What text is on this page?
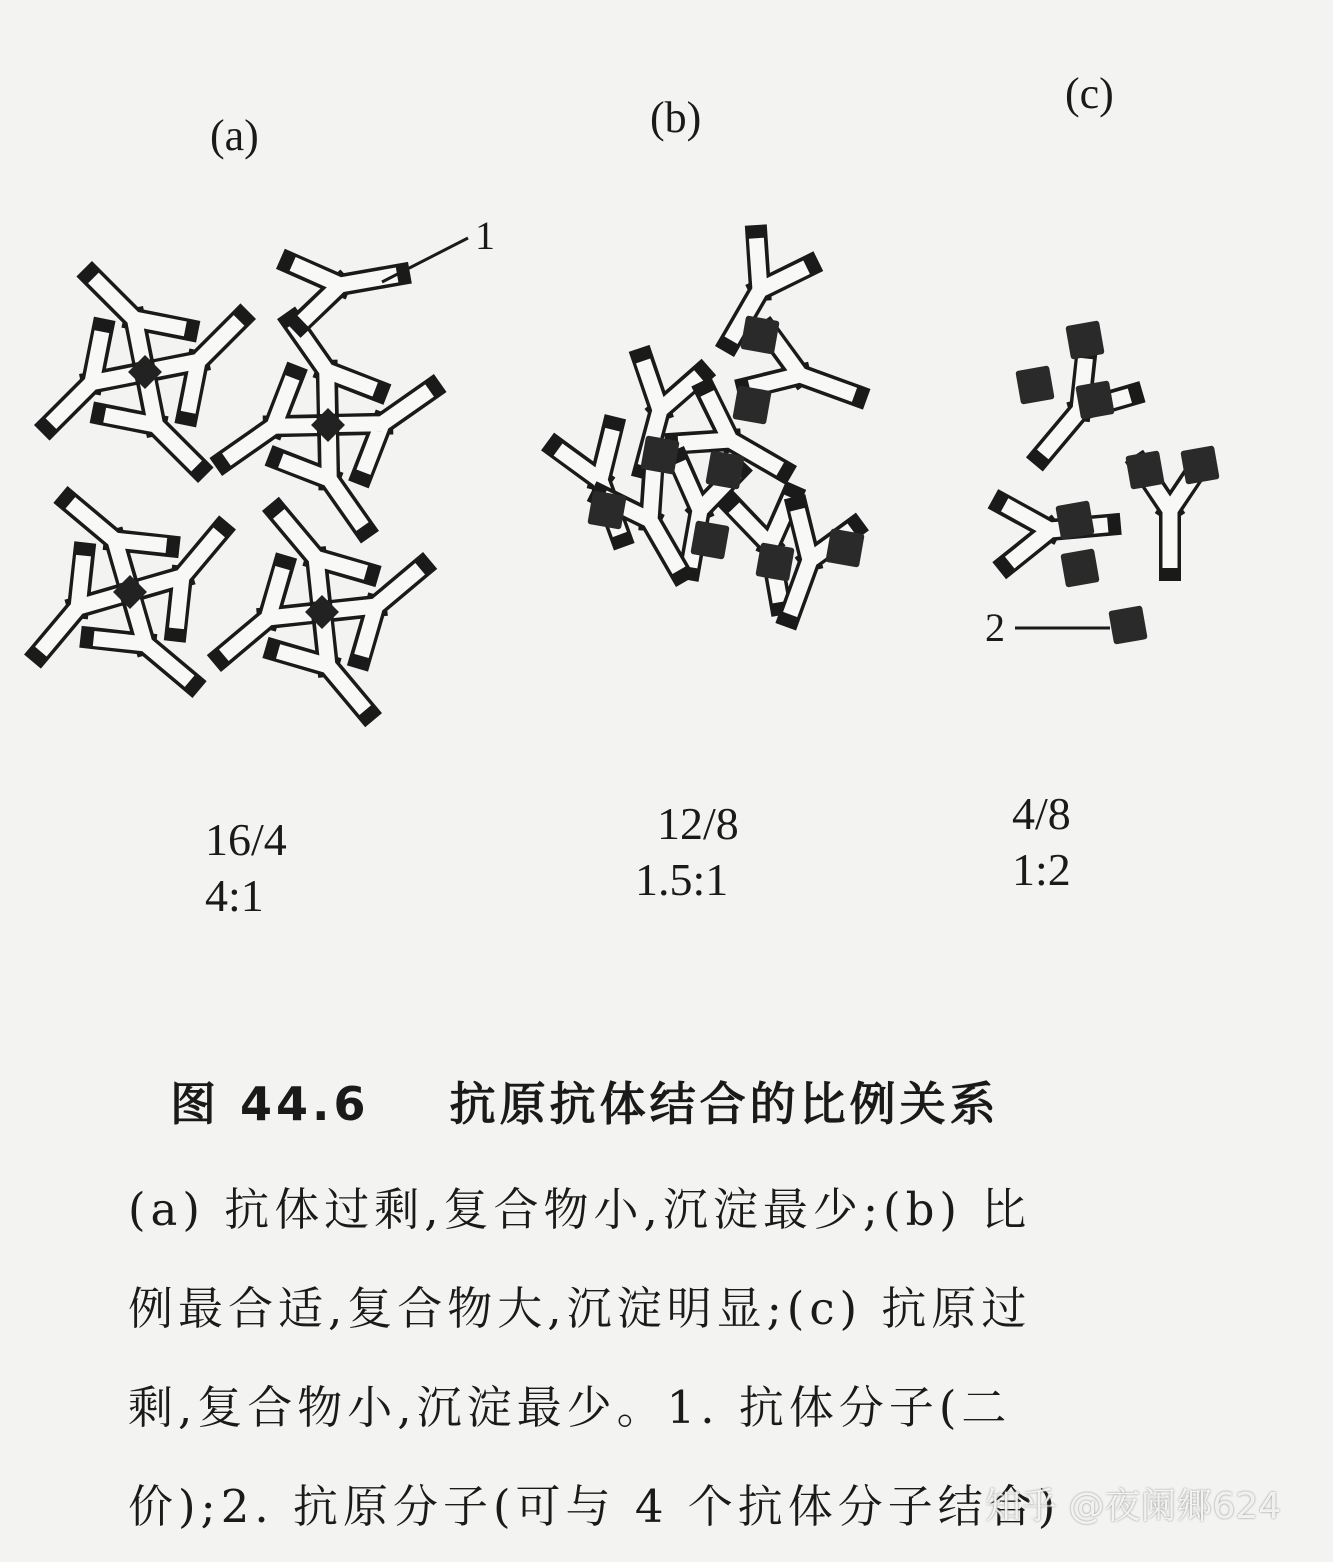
(a)	(b)	(c)
1
2
16/4
4:1
12/8
1.5:1
4/8
1:2
图 44.6    抗原抗体结合的比例关系
(a) 抗体过剩,复合物小,沉淀最少;(b) 比
例最合适,复合物大,沉淀明显;(c) 抗原过
剩,复合物小,沉淀最少。1. 抗体分子(二
价);2. 抗原分子(可与 4 个抗体分子结合)
知乎 @夜阑郷624
